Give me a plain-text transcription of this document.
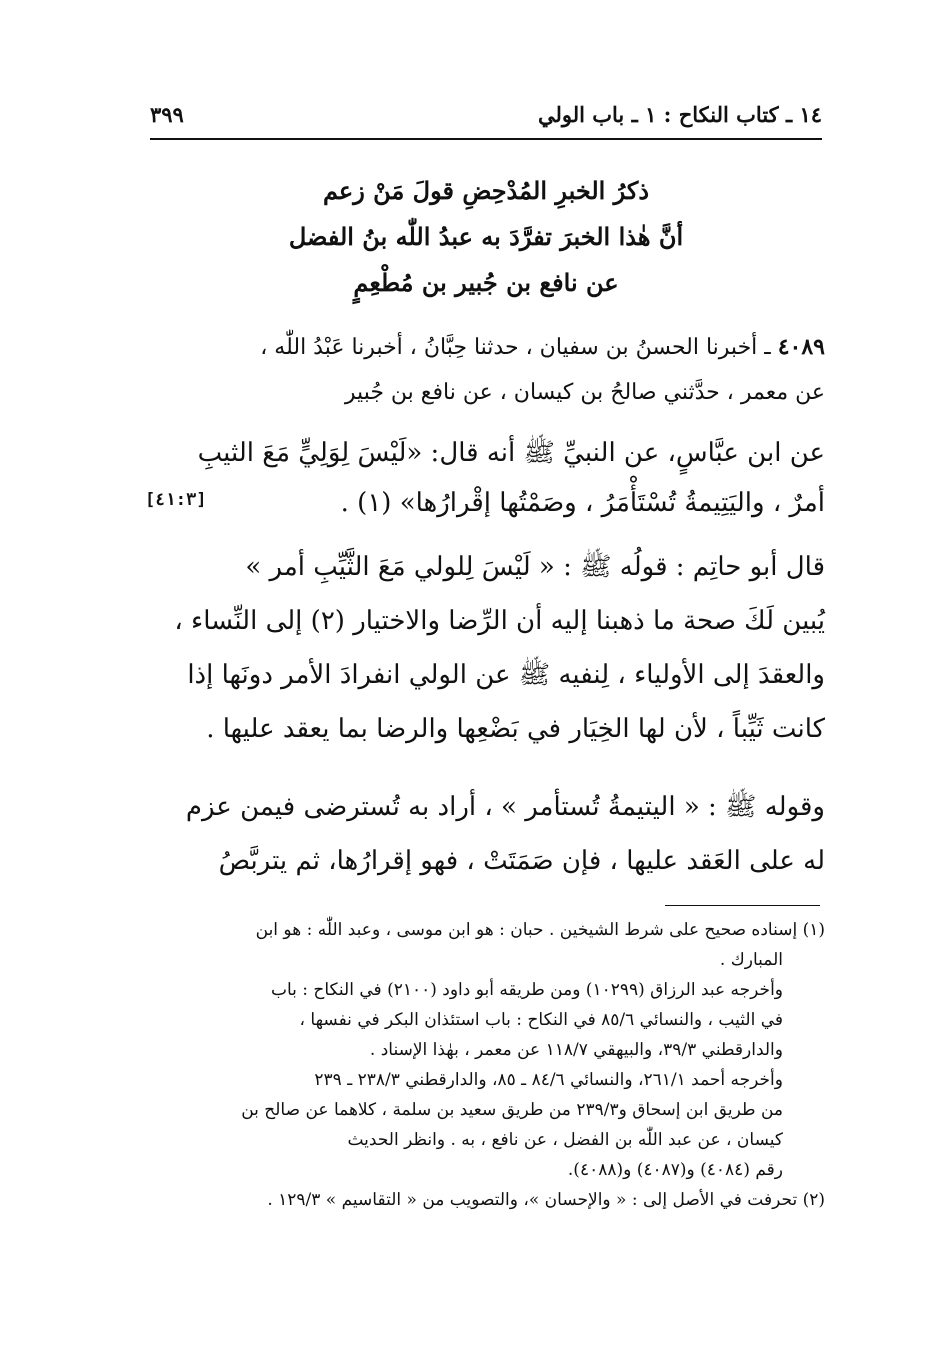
١٤ ـ كتاب النكاح : ١ ـ باب الولي
٣٩٩
ذكرُ الخبرِ المُدْحِضِ قولَ مَنْ زعم
أنَّ هٰذا الخبرَ تفرَّدَ به عبدُ اللّٰه بنُ الفضل
عن نافع بن جُبير بن مُطْعِمٍ
٤٠٨٩ ـ أخبرنا الحسنُ بن سفيان ، حدثنا حِبَّانُ ، أخبرنا عَبْدُ اللّٰه ،
عن معمر ، حدَّثني صالحُ بن كيسان ، عن نافع بن جُبير
عن ابن عبَّاسٍ، عن النبيِّ ﷺ أنه قال: «لَيْسَ لِوَلِيٍّ مَعَ الثيبِ
أمرٌ ، واليَتِيمةُ تُسْتَأْمَرُ ، وصَمْتُها إقْرارُها» (١) .
[٤١:٣]
قال أبو حاتِم : قولُه ﷺ : « لَيْسَ لِلولي مَعَ الثَّيِّبِ أمر »
يُبين لَكَ صحة ما ذهبنا إليه أن الرِّضا والاختيار (٢) إلى النِّساء ،
والعقدَ إلى الأولياء ، لِنفيه ﷺ عن الولي انفرادَ الأمر دونَها إذا
كانت ثَيِّباً ، لأن لها الخِيَار في بَضْعِها والرضا بما يعقد عليها .
وقوله ﷺ : « اليتيمةُ تُستأمر » ، أراد به تُسترضى فيمن عزم
له على العَقد عليها ، فإن صَمَتَتْ ، فهو إقرارُها، ثم يتربَّصُ
(١) إسناده صحيح على شرط الشيخين . حبان : هو ابن موسى ، وعبد اللّٰه : هو ابن
المبارك .
وأخرجه عبد الرزاق (١٠٢٩٩) ومن طريقه أبو داود (٢١٠٠) في النكاح : باب
في الثيب ، والنسائي ٨٥/٦ في النكاح : باب استئذان البكر في نفسها ،
والدارقطني ٣٩/٣، والبيهقي ١١٨/٧ عن معمر ، بهٰذا الإسناد .
وأخرجه أحمد ٢٦١/١، والنسائي ٨٤/٦ ـ ٨٥، والدارقطني ٢٣٨/٣ ـ ٢٣٩
من طريق ابن إسحاق و٢٣٩/٣ من طريق سعيد بن سلمة ، كلاهما عن صالح بن
كيسان ، عن عبد اللّٰه بن الفضل ، عن نافع ، به . وانظر الحديث
رقم (٤٠٨٤) و(٤٠٨٧) و(٤٠٨٨).
(٢) تحرفت في الأصل إلى : « والإحسان »، والتصويب من « التقاسيم » ١٢٩/٣ .
